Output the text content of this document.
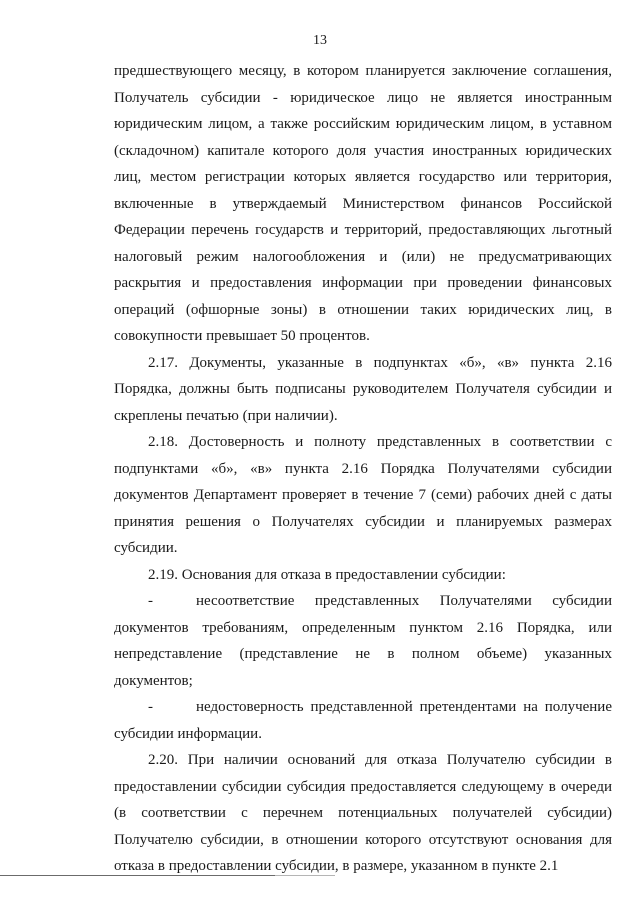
13

предшествующего месяцу, в котором планируется заключение соглашения, Получатель субсидии - юридическое лицо не является иностранным юридическим лицом, а также российским юридическим лицом, в уставном (складочном) капитале которого доля участия иностранных юридических лиц, местом регистрации которых является государство или территория, включенные в утверждаемый Министерством финансов Российской Федерации перечень государств и территорий, предоставляющих льготный налоговый режим налогообложения и (или) не предусматривающих раскрытия и предоставления информации при проведении финансовых операций (офшорные зоны) в отношении таких юридических лиц, в совокупности превышает 50 процентов.

2.17. Документы, указанные в подпунктах «б», «в» пункта 2.16 Порядка, должны быть подписаны руководителем Получателя субсидии и скреплены печатью (при наличии).

2.18. Достоверность и полноту представленных в соответствии с подпунктами «б», «в» пункта 2.16 Порядка Получателями субсидии документов Департамент проверяет в течение 7 (семи) рабочих дней с даты принятия решения о Получателях субсидии и планируемых размерах субсидии.

2.19. Основания для отказа в предоставлении субсидии:

-	несоответствие представленных Получателями субсидии документов требованиям, определенным пунктом 2.16 Порядка, или непредставление (представление не в полном объеме) указанных документов;

-	недостоверность представленной претендентами на получение субсидии информации.

2.20. При наличии оснований для отказа Получателю субсидии в предоставлении субсидии субсидия предоставляется следующему в очереди (в соответствии с перечнем потенциальных получателей субсидии) Получателю субсидии, в отношении которого отсутствуют основания для отказа в предоставлении субсидии, в размере, указанном в пункте 2.1
